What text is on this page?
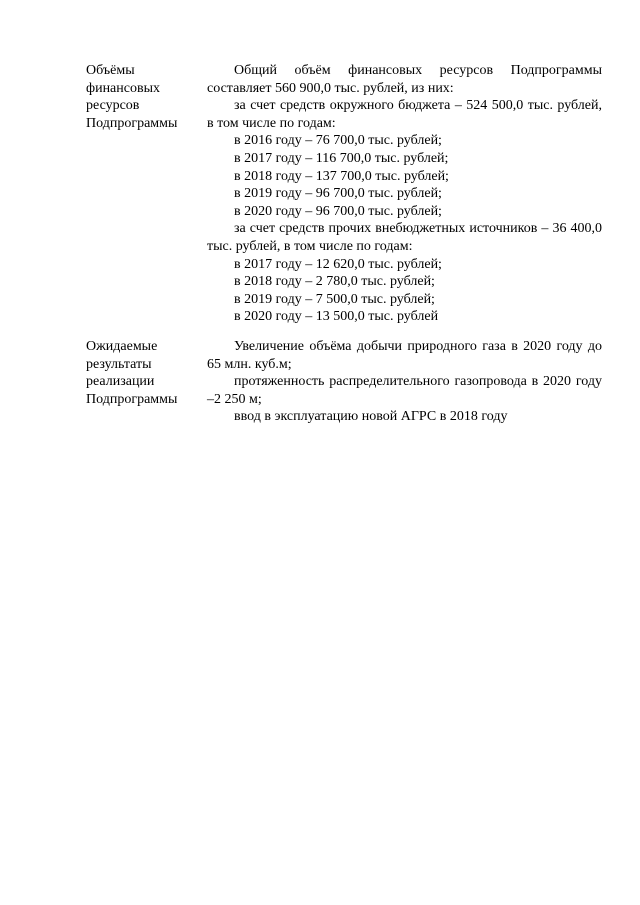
Объёмы
финансовых
ресурсов
Подпрограммы

Общий объём финансовых ресурсов Подпрограммы составляет 560 900,0 тыс. рублей, из них:

за счет средств окружного бюджета – 524 500,0 тыс. рублей, в том числе по годам:

в 2016 году – 76 700,0 тыс. рублей;

в 2017 году – 116 700,0 тыс. рублей;

в 2018 году – 137 700,0 тыс. рублей;

в 2019 году – 96 700,0 тыс. рублей;

в 2020 году – 96 700,0 тыс. рублей;

за счет средств прочих внебюджетных источников – 36 400,0 тыс. рублей, в том числе по годам:

в 2017 году – 12 620,0 тыс. рублей;

в 2018 году – 2 780,0 тыс. рублей;

в 2019 году – 7 500,0 тыс. рублей;

в 2020 году – 13 500,0 тыс. рублей

Ожидаемые
результаты
реализации
Подпрограммы

Увеличение объёма добычи природного газа в 2020 году до 65 млн. куб.м;

протяженность распределительного газопровода в 2020 году –2 250 м;

ввод в эксплуатацию новой АГРС в 2018 году
